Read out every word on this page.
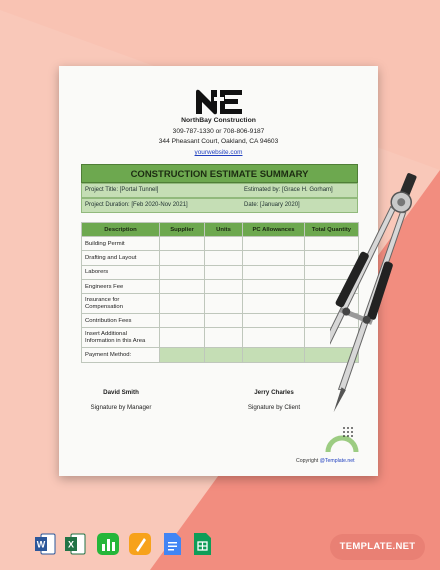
NorthBay Construction
309-787-1330 or 708-806-9187
344 Pheasant Court, Oakland, CA 94603
yourwebsite.com
CONSTRUCTION ESTIMATE SUMMARY
Project Title: [Portal Tunnel]	Estimated by: [Grace H. Gorham]
Project Duration: [Feb 2020-Nov 2021]	Date: [January 2020]
Description	Supplier	Units	PC Allowances	Total Quantity
Building Permit				
Drafting and Layout				
Laborers				
Engineers Fee				
Insurance for Compensation				
Contribution Fees				
Insert Additional Information in this Area				
Payment Method:				
David Smith
Signature by Manager
Jerry Charles
Signature by Client
Copyright @Template.net
W	X	TEMPLATE.NET
